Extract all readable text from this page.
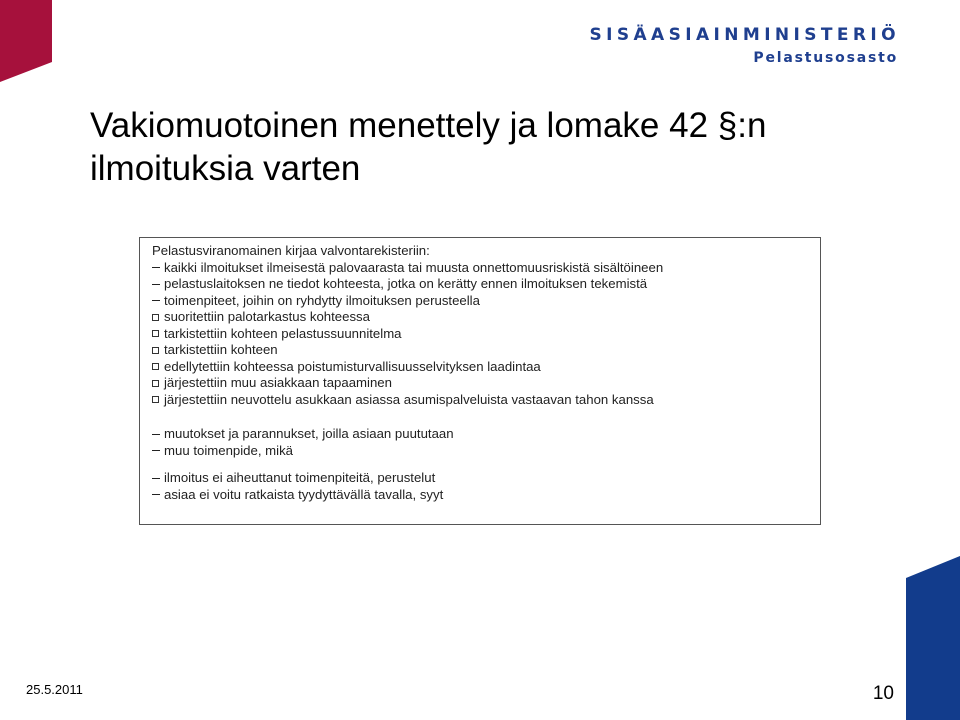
SISÄASIAINMINISTERIÖ
Pelastusosasto
Vakiomuotoinen menettely ja lomake 42 §:n
ilmoituksia varten
Pelastusviranomainen kirjaa valvontarekisteriin:
kaikki ilmoitukset ilmeisestä palovaarasta tai muusta onnettomuusriskistä sisältöineen
pelastuslaitoksen ne tiedot kohteesta, jotka on kerätty ennen ilmoituksen tekemistä
toimenpiteet, joihin on ryhdytty ilmoituksen perusteella
suoritettiin palotarkastus kohteessa
tarkistettiin kohteen pelastussuunnitelma
tarkistettiin kohteen
edellytettiin kohteessa poistumisturvallisuusselvityksen laadintaa
järjestettiin muu asiakkaan tapaaminen
järjestettiin neuvottelu asukkaan asiassa asumispalveluista vastaavan tahon kanssa
muutokset ja parannukset, joilla asiaan puututaan
muu toimenpide, mikä
ilmoitus ei aiheuttanut toimenpiteitä, perustelut
asiaa ei voitu ratkaista tyydyttävällä tavalla, syyt
25.5.2011	10
